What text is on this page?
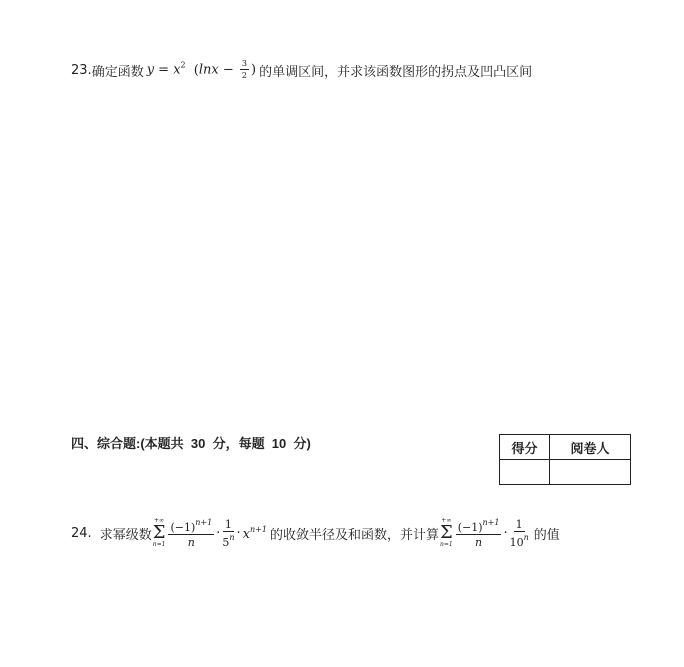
23. 确定函数 $y = x^2$ ($\ln x - \frac{3}{2}$ ) 的单调区间，并求该函数图形的拐点及凹凸区间
四、综合题:(本题共  30  分，每题  10  分)	得分	阅卷人

24. 求幂级数
+∞
Σ
$n=1 \frac{(-1)^{n+1}}{n} \cdot \frac{1}{5^n} \cdot x^{n+1}$ 的收敛半径及和函数，并计算
+∞
Σ
$n=1 \frac{(-1)^{n+1}}{n} \cdot \frac{1}{10^n}$ 的值
